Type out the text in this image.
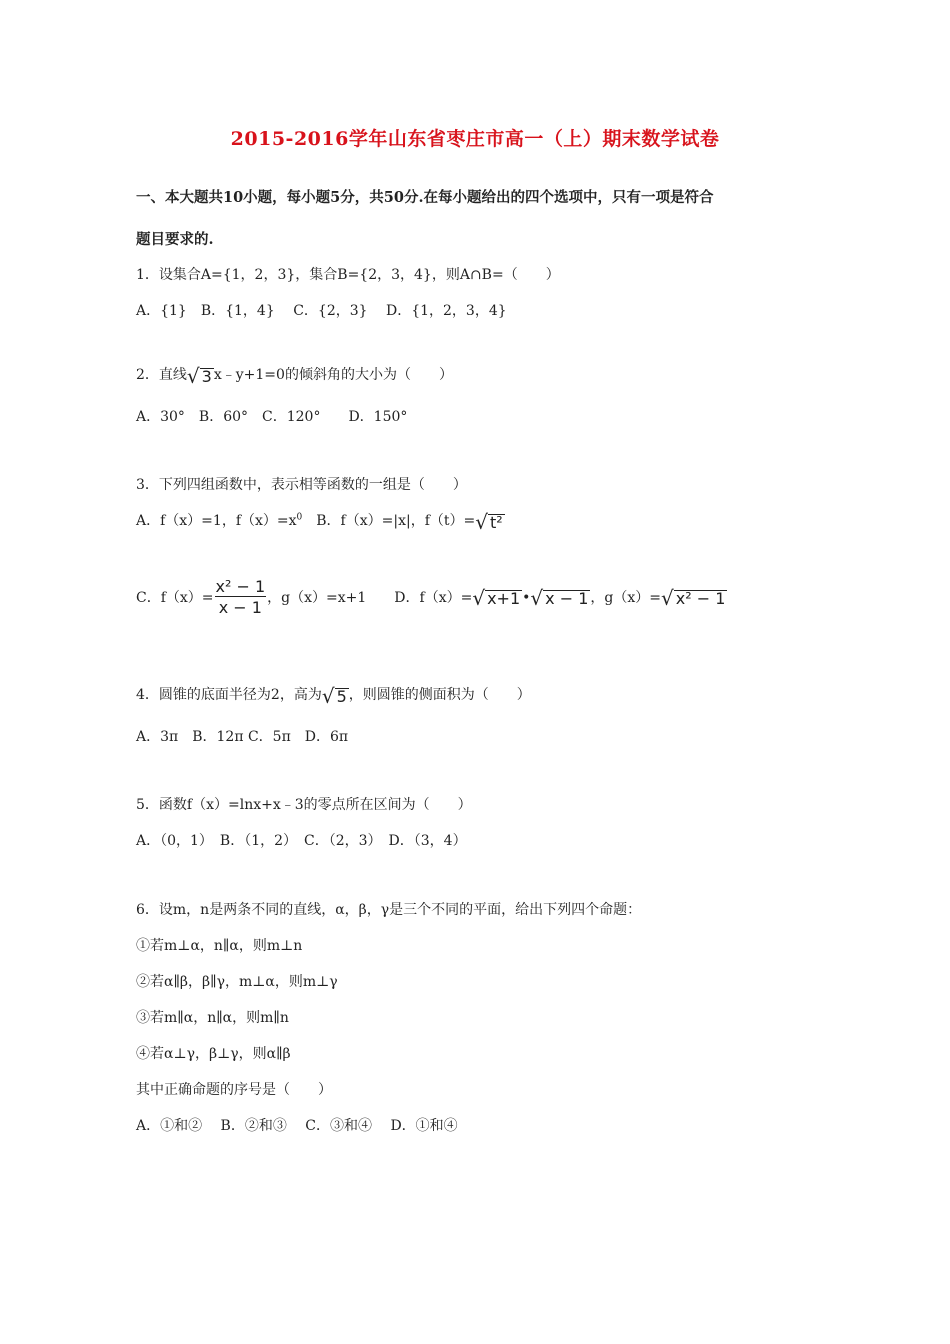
2015-2016学年山东省枣庄市高一（上）期末数学试卷
一、本大题共10小题，每小题5分，共50分.在每小题给出的四个选项中，只有一项是符合
题目要求的.
1．设集合A={1，2，3}，集合B={2，3，4}，则A∩B=（　　）
A．{1}　B．{1，4}　 C．{2，3}　 D．{1，2，3，4}
2．直线 √ 3 x﹣y+1=0的倾斜角的大小为（　　）
A．30°　B．60°　C．120°　　D．150°
3．下列四组函数中，表示相等函数的一组是（　　）
A．f（x）=1，$f(x)=x^0$　B．f（x）=|x|，f（t）= √ t²
C．$f(x)= \frac{\text{x² − 1}}{x - 1}$ ，g（x）=x+1　　D．f（x）= √ x+1 • √ x − 1 ，g（x）= √ x² − 1
4．圆锥的底面半径为2，高为 √ 5 ，则圆锥的侧面积为（　　）
A．3π　B．12π C．5π　D．6π
5．函数f（x）=lnx+x﹣3的零点所在区间为（　　）
A．（0，1）　B．（1，2）　C．（2，3）　D．（3，4）
6．设m，n是两条不同的直线，α，β，γ是三个不同的平面，给出下列四个命题：
①若m⊥α，n∥α，则m⊥n
②若α∥β，β∥γ，m⊥α，则m⊥γ
③若m∥α，n∥α，则m∥n
④若α⊥γ，β⊥γ，则α∥β
其中正确命题的序号是（　　）
A．①和②　 B．②和③　 C．③和④　 D．①和④
